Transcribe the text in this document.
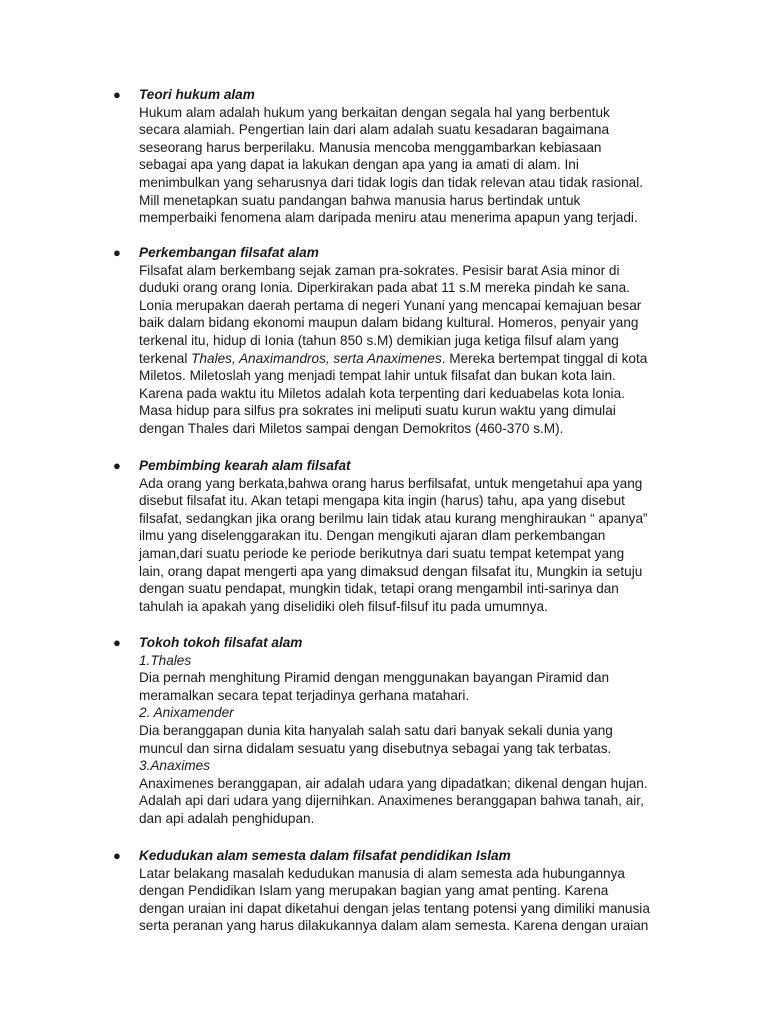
● Teori hukum alam
Hukum alam adalah hukum yang berkaitan dengan segala hal yang berbentuk
secara alamiah. Pengertian lain dari alam adalah suatu kesadaran bagaimana
seseorang harus berperilaku. Manusia mencoba menggambarkan kebiasaan
sebagai apa yang dapat ia lakukan dengan apa yang ia amati di alam. Ini
menimbulkan yang seharusnya dari tidak logis dan tidak relevan atau tidak rasional.
Mill menetapkan suatu pandangan bahwa manusia harus bertindak untuk
memperbaiki fenomena alam daripada meniru atau menerima apapun yang terjadi.
● Perkembangan filsafat alam
Filsafat alam berkembang sejak zaman pra-sokrates. Pesisir barat Asia minor di
duduki orang orang Ionia. Diperkirakan pada abat 11 s.M mereka pindah ke sana.
Lonia merupakan daerah pertama di negeri Yunani yang mencapai kemajuan besar
baik dalam bidang ekonomi maupun dalam bidang kultural. Homeros, penyair yang
terkenal itu, hidup di Ionia (tahun 850 s.M) demikian juga ketiga filsuf alam yang
terkenal Thales, Anaximandros, serta Anaximenes. Mereka bertempat tinggal di kota
Miletos. Miletoslah yang menjadi tempat lahir untuk filsafat dan bukan kota lain.
Karena pada waktu itu Miletos adalah kota terpenting dari keduabelas kota lonia.
Masa hidup para silfus pra sokrates ini meliputi suatu kurun waktu yang dimulai
dengan Thales dari Miletos sampai dengan Demokritos (460-370 s.M).
● Pembimbing kearah alam filsafat
Ada orang yang berkata,bahwa orang harus berfilsafat, untuk mengetahui apa yang
disebut filsafat itu. Akan tetapi mengapa kita ingin (harus) tahu, apa yang disebut
filsafat, sedangkan jika orang berilmu lain tidak atau kurang menghiraukan “ apanya”
ilmu yang diselenggarakan itu. Dengan mengikuti ajaran dlam perkembangan
jaman,dari suatu periode ke periode berikutnya dari suatu tempat ketempat yang
lain, orang dapat mengerti apa yang dimaksud dengan filsafat itu, Mungkin ia setuju
dengan suatu pendapat, mungkin tidak, tetapi orang mengambil inti-sarinya dan
tahulah ia apakah yang diselidiki oleh filsuf-filsuf itu pada umumnya.
● Tokoh tokoh filsafat alam
1.Thales
Dia pernah menghitung Piramid dengan menggunakan bayangan Piramid dan
meramalkan secara tepat terjadinya gerhana matahari.
2. Anixamender
Dia beranggapan dunia kita hanyalah salah satu dari banyak sekali dunia yang
muncul dan sirna didalam sesuatu yang disebutnya sebagai yang tak terbatas.
3.Anaximes
Anaximenes beranggapan, air adalah udara yang dipadatkan; dikenal dengan hujan.
Adalah api dari udara yang dijernihkan. Anaximenes beranggapan bahwa tanah, air,
dan api adalah penghidupan.
● Kedudukan alam semesta dalam filsafat pendidikan Islam
Latar belakang masalah kedudukan manusia di alam semesta ada hubungannya
dengan Pendidikan Islam yang merupakan bagian yang amat penting. Karena
dengan uraian ini dapat diketahui dengan jelas tentang potensi yang dimiliki manusia
serta peranan yang harus dilakukannya dalam alam semesta. Karena dengan uraian
